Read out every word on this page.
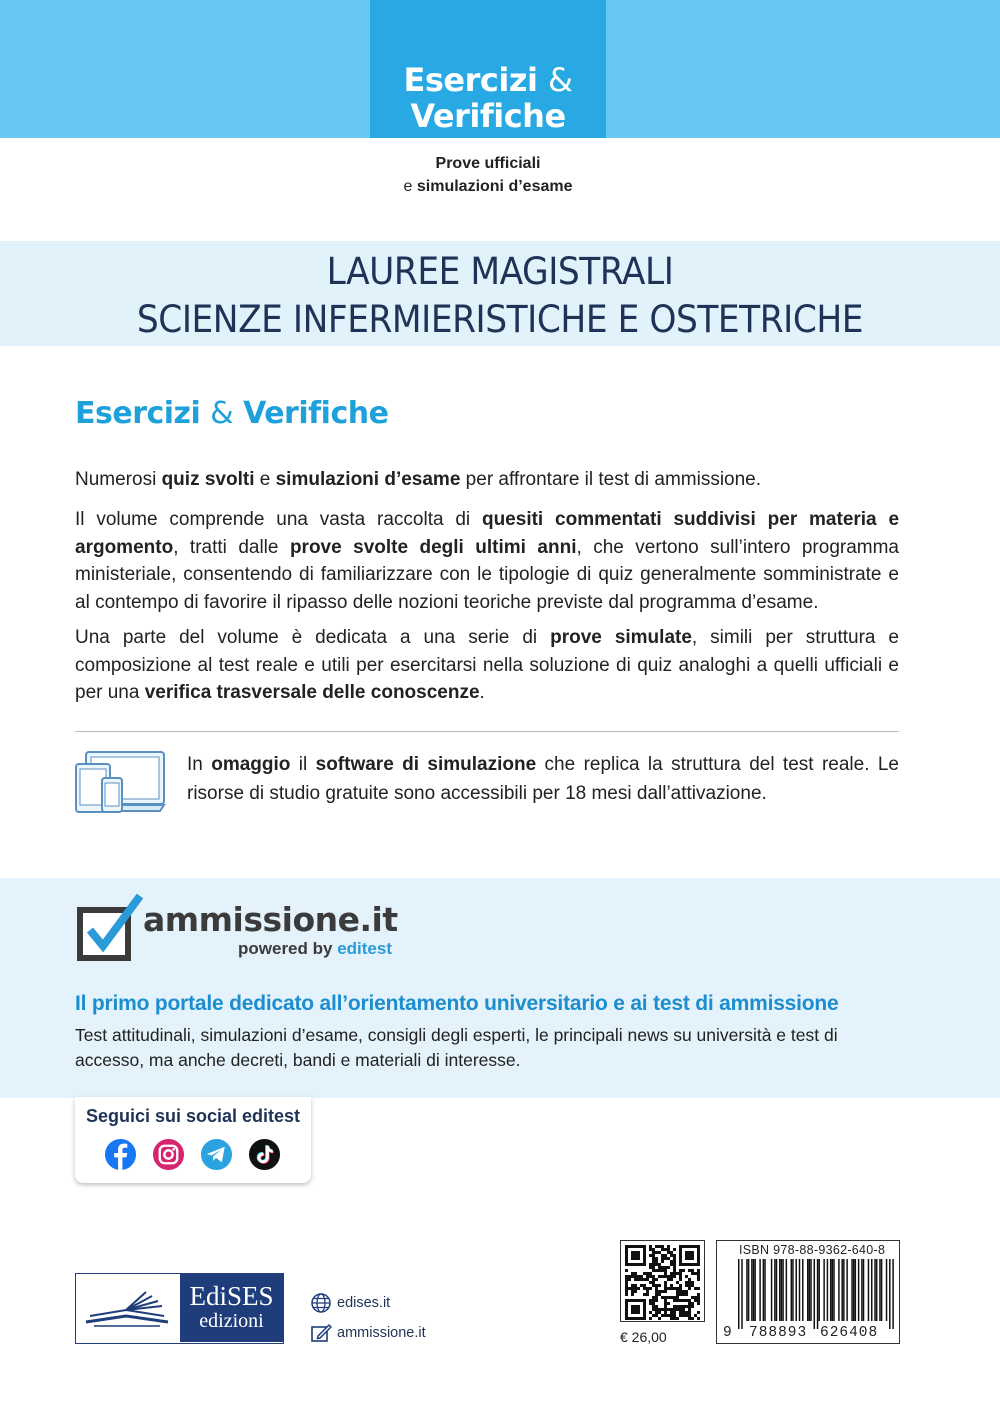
Esercizi &
Verifiche
Prove ufficiali
e simulazioni d’esame
LAUREE MAGISTRALI
SCIENZE INFERMIERISTICHE E OSTETRICHE
Esercizi & Verifiche

Numerosi quiz svolti e simulazioni d’esame per affrontare il test di ammissione.

Il volume comprende una vasta raccolta di quesiti commentati suddivisi per materia e argomento, tratti dalle prove svolte degli ultimi anni, che vertono sull’intero programma ministeriale, consentendo di familiarizzare con le tipologie di quiz generalmente somministrate e al contempo di favorire il ripasso delle nozioni teoriche previste dal programma d’esame.

Una parte del volume è dedicata a una serie di prove simulate, simili per struttura e composizione al test reale e utili per esercitarsi nella soluzione di quiz analoghi a quelli ufficiali e per una verifica trasversale delle conoscenze.

In omaggio il software di simulazione che replica la struttura del test reale. Le risorse di studio gratuite sono accessibili per 18 mesi dall’attivazione.

ammissione.it
powered by editest
Il primo portale dedicato all’orientamento universitario e ai test di ammissione

Test attitudinali, simulazioni d’esame, consigli degli esperti, le principali news su università e test di accesso, ma anche decreti, bandi e materiali di interesse.

Seguici sui social editest
EdiSES
edizioni
edises.it
ammissione.it	€ 26,00
ISBN 978-88-9362-640-8
9 788893 626408
